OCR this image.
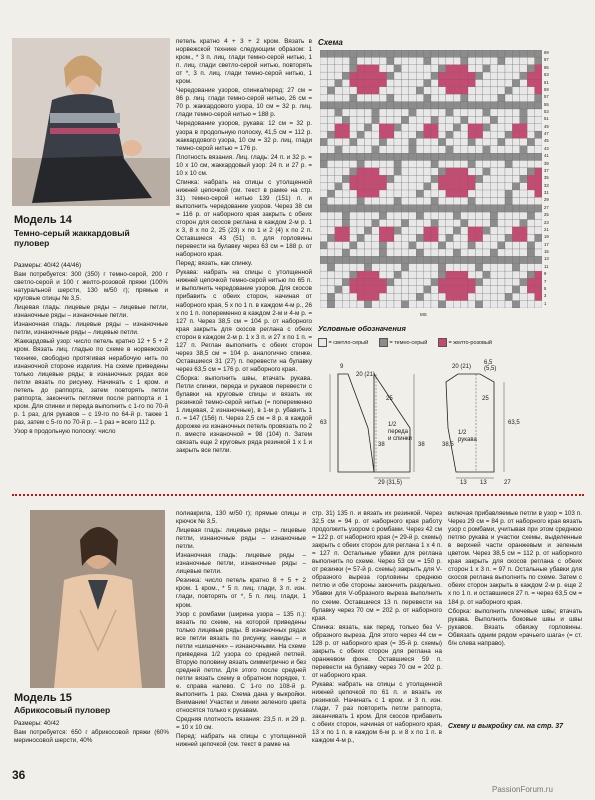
Модель 14
Темно-серый жаккардовый пуловер

Размеры: 40/42 (44/46)

Вам потребуется: 300 (350) г темно-серой, 200 г светло-серой и 100 г желто-розовой пряжи (100% натуральной шерсти, 130 м/50 г); прямые и круговые спицы № 3,5.

Лицевая гладь: лицевые ряды – лицевые петли, изнаночные ряды – изнаночные петли.

Изнаночная гладь: лицевые ряды – изнаночные петли, изнаночные ряды – лицевые петли.

Жаккардовый узор: число петель кратно 12 + 5 + 2 кром. Вязать лиц. гладью по схеме в норвежской технике, свободно протягивая нерабочую нить по изнаночной стороне изделия. На схеме приведены только лицевые ряды; в изнаночных рядах все петли вязать по рисунку. Начинать с 1 кром. и петель до раппорта, затем повторять петли раппорта, закончить петлями после раппорта и 1 кром. Для спинки и переда выполнить с 1-го по 70-й р. 1 раз, для рукавов – с 19-го по 64-й р. также 1 раз, затем с 5-го по 70-й р. – 1 раз = всего 112 р.

Узор в продольную полоску: число

петель кратно 4 + 3 + 2 кром. Вязать в норвежской технике следующим образом: 1 кром., * 3 п. лиц. глади темно-серой нитью, 1 п. лиц. глади светло-серой нитью, повторять от *, 3 п. лиц. глади темно-серой нитью, 1 кром.

Чередование узоров, спинка/перед: 27 см = 86 р. лиц. глади темно-серой нитью, 26 см = 70 р. жаккардового узора, 10 см = 32 р. лиц. глади темно-серой нитью = 188 р.

Чередование узоров, рукава: 12 см = 32 р. узора в продольную полоску, 41,5 см = 112 р. жаккардового узора, 10 см = 32 р. лиц. глади темно-серой нитью = 176 р.

Плотность вязания. Лиц. гладь: 24 п. и 32 р. = 10 х 10 см, жаккардовый узор: 24 п. и 27 р. = 10 х 10 см.

Спинка: набрать на спицы с утолщенной нижней цепочкой (см. текст в рамке на стр. 31) темно-серой нитью 139 (151) п. и выполнить чередование узоров. Через 38 см = 116 р. от наборного края закрыть с обеих сторон для скосов реглана в каждом 2-м р. 1 х 3, 8 х по 2, 25 (23) х по 1 и 2 (4) х по 2 п. Оставшиеся 43 (51) п. для горловины перевести на булавку через 63 см = 188 р. от наборного края.

Перед: вязать, как спинку.

Рукава: набрать на спицы с утолщенной нижней цепочкой темно-серой нитью по 65 п. и выполнить чередование узоров. Для скосов прибавить с обеих сторон, начиная от наборного края, 5 х по 1 п. в каждом 4-м р., 26 х по 1 п. попеременно в каждом 2-м и 4-м р. = 127 п. Через 38,5 см = 104 р. от наборного края закрыть для скосов реглана с обеих сторон в каждом 2-м р. 1 х 3 п. и 27 х по 1 п. = 127 п. Реглан выполнить с обеих сторон через 38,5 см = 104 р. аналогично спинке. Оставшиеся 31 (27) п. перевести на булавку через 63,5 см = 176 р. от наборного края.

Сборка: выполнить швы, втачать рукава. Петли спинки, переда и рукавов перевести с булавки на круговые спицы и вязать их резинкой темно-серой нитью (= попеременно 1 лицевая, 2 изнаночные), в 1-м р. убавить 1 п. = 147 (156) п. Через 2,5 см = 8 р. в каждой дорожке из изнаночных петель провязать по 2 п. вместе изнаночной = 98 (104) п. Затем связать еще 2 круговых ряда резинкой 1 х 1 и закрыть все петли.

Схема
69
67
65
63
61
59
57
55
53
51
49
47
45
43
41
39
37
35
33
31
29
27
25
23
21
19
17
15
13
11
9
7
5
3
1
MS
Условные обозначения
= светло-серый	= темно-серый	= желто-розовый
9
20 (21)
25
63
38	38
29 (31,5)
1/2 переда и спинки
20 (21)
6,5
(5,5)
25
63,5
38,5
13 13	27
1/2 рукава
Модель 15
Абрикосовый пуловер

Размеры: 40/42

Вам потребуется: 650 г абрикосовой пряжи (60% мериносовой шерсти, 40%

полиакрила, 130 м/50 г); прямые спицы и крючок № 3,5.

Лицевая гладь: лицевые ряды – лицевые петли, изнаночные ряды – изнаночные петли.

Изнаночная гладь: лицевые ряды – изнаночные петли, изнаночные ряды – лицевые петли.

Резинка: число петель кратно 8 + 5 + 2 кром. 1 кром., * 5 п. лиц. глади, 3 п. изн. глади, повторять от *, 5 п. лиц. глади, 1 кром.

Узор с ромбами (ширина узора – 135 п.): вязать по схеме, на которой приведены только лицевые ряды. В изнаночных рядах все петли вязать по рисунку, накиды – и петли «шишечек» – изнаночными. На схеме приведена 1/2 узора со средней петлей. Вторую половину вязать симметрично и без средней петли. Для этого после средней петли вязать схему в обратном порядке, т. е. справа налево. С 1-го по 108-й р. выполнить 1 раз. Схема дана у выкройки. Внимание! Участки и линии зеленого цвета относятся только к рукавам.

Средняя плотность вязания: 23,5 п. и 29 р. = 10 х 10 см.

Перед: набрать на спицы с утолщенной нижней цепочкой (см. текст в рамке на

стр. 31) 135 п. и вязать их резинкой. Через 32,5 см = 94 р. от наборного края работу продолжить узором с ромбами. Через 42 см = 122 р. от наборного края (= 29-й р. схемы) закрыть с обеих сторон для реглана 1 х 4 п. = 127 п. Остальные убавки для реглана выполнить по схеме. Через 53 см = 150 р. от резинки (= 57-й р. схемы) закрыть для V-образного выреза горловины среднюю петлю и обе стороны закончить раздельно. Убавки для V-образного выреза выполнить по схеме. Оставшиеся 13 п. перевести на булавку через 70 см = 202 р. от наборного края.

Спинка: вязать, как перед, только без V-образного выреза. Для этого через 44 см = 128 р. от наборного края (= 35-й р. схемы) закрыть с обеих сторон для реглана на оранжевом фоне. Оставшиеся 59 п. перевести на булавку через 70 см = 202 р. от наборного края.

Рукава: набрать на спицы с утолщенной нижней цепочкой по 61 п. и вязать их резинкой. Начинать с 1 кром. и 3 п. изн. глади, 7 раз повторить петли раппорта, заканчивать 1 кром. Для скосов прибавить с обеих сторон, начиная от наборного края, 13 х по 1 п. в каждом 6-м р. и 8 х по 1 п. в каждом 4-м р.,

включая прибавляемые петли в узор = 103 п. Через 29 см = 84 р. от наборного края вязать узор с ромбами, учитывая при этом среднюю петлю рукава и участки схемы, выделенные в верхней части оранжевым и зеленым цветом. Через 38,5 см = 112 р. от наборного края закрыть для скосов реглана с обеих сторон 1 х 3 п. = 97 п. Остальные убавки для скосов реглана выполнить по схеме. Затем с обеих сторон закрыть в каждом 2-м р. еще 2 х по 1 п. и оставшиеся 27 п. = через 63,5 см = 184 р. от наборного края.

Сборка: выполнить плечевые швы; втачать рукава. Выполнить боковые швы и швы рукавов. Вязать обвязку горловины. Обвязать одним рядом «рачьего шага» (= ст. б/н слева направо).

Схему и выкройку см. на стр. 37
36
PassionForum.ru
